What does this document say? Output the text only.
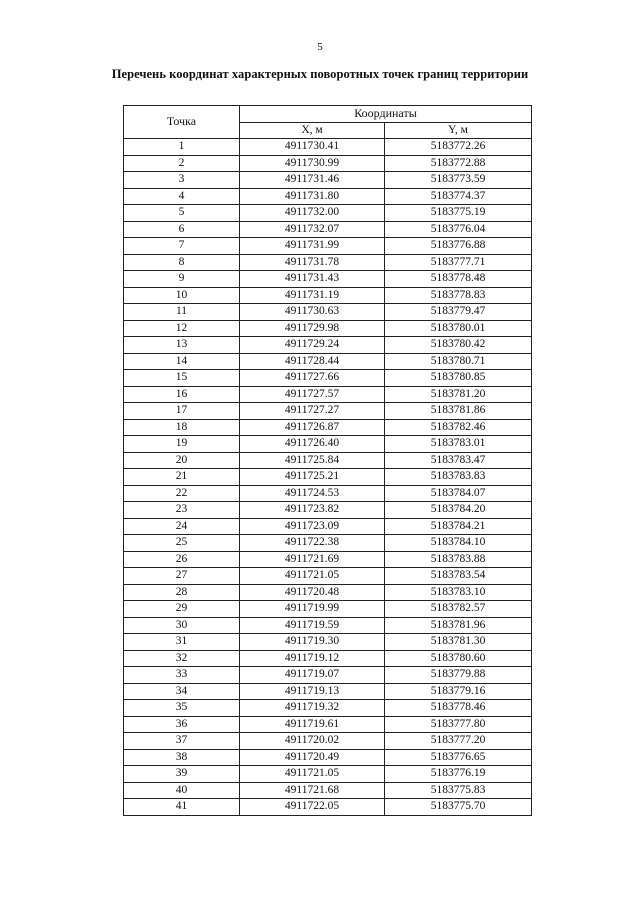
5
Перечень координат характерных поворотных точек границ территории
Точка	Координаты	
	X, м	Y, м
1	4911730.41	5183772.26
2	4911730.99	5183772.88
3	4911731.46	5183773.59
4	4911731.80	5183774.37
5	4911732.00	5183775.19
6	4911732.07	5183776.04
7	4911731.99	5183776.88
8	4911731.78	5183777.71
9	4911731.43	5183778.48
10	4911731.19	5183778.83
11	4911730.63	5183779.47
12	4911729.98	5183780.01
13	4911729.24	5183780.42
14	4911728.44	5183780.71
15	4911727.66	5183780.85
16	4911727.57	5183781.20
17	4911727.27	5183781.86
18	4911726.87	5183782.46
19	4911726.40	5183783.01
20	4911725.84	5183783.47
21	4911725.21	5183783.83
22	4911724.53	5183784.07
23	4911723.82	5183784.20
24	4911723.09	5183784.21
25	4911722.38	5183784.10
26	4911721.69	5183783.88
27	4911721.05	5183783.54
28	4911720.48	5183783.10
29	4911719.99	5183782.57
30	4911719.59	5183781.96
31	4911719.30	5183781.30
32	4911719.12	5183780.60
33	4911719.07	5183779.88
34	4911719.13	5183779.16
35	4911719.32	5183778.46
36	4911719.61	5183777.80
37	4911720.02	5183777.20
38	4911720.49	5183776.65
39	4911721.05	5183776.19
40	4911721.68	5183775.83
41	4911722.05	5183775.70
